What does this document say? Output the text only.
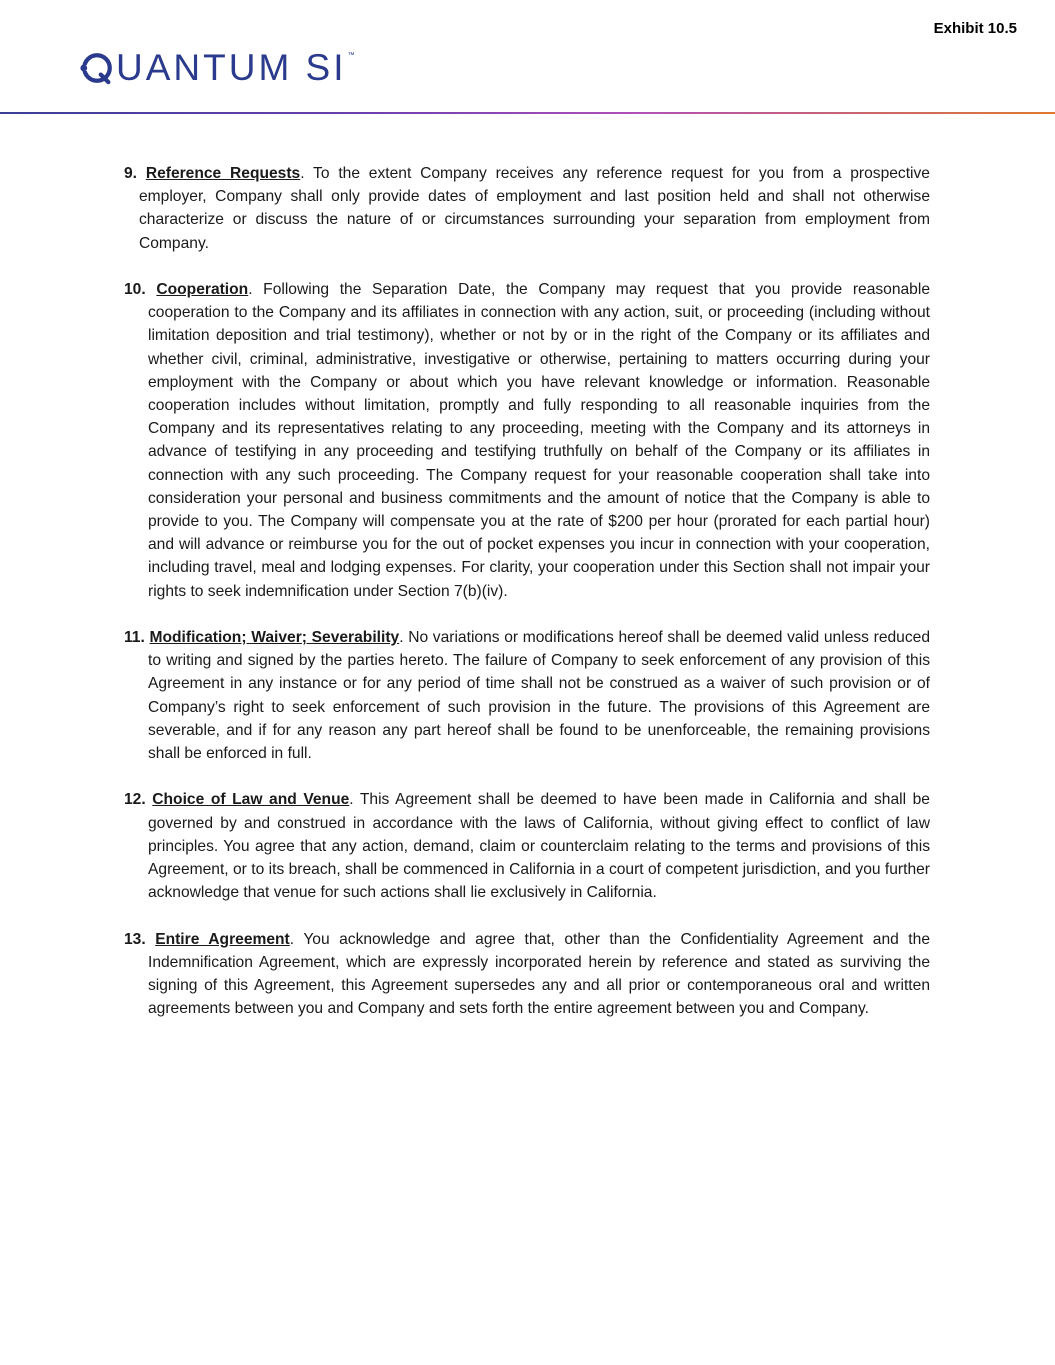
Exhibit 10.5
UANTUM SI ™

9. Reference Requests. To the extent Company receives any reference request for you from a prospective employer, Company shall only provide dates of employment and last position held and shall not otherwise characterize or discuss the nature of or circumstances surrounding your separation from employment from Company.

10. Cooperation. Following the Separation Date, the Company may request that you provide reasonable cooperation to the Company and its affiliates in connection with any action, suit, or proceeding (including without limitation deposition and trial testimony), whether or not by or in the right of the Company or its affiliates and whether civil, criminal, administrative, investigative or otherwise, pertaining to matters occurring during your employment with the Company or about which you have relevant knowledge or information. Reasonable cooperation includes without limitation, promptly and fully responding to all reasonable inquiries from the Company and its representatives relating to any proceeding, meeting with the Company and its attorneys in advance of testifying in any proceeding and testifying truthfully on behalf of the Company or its affiliates in connection with any such proceeding. The Company request for your reasonable cooperation shall take into consideration your personal and business commitments and the amount of notice that the Company is able to provide to you. The Company will compensate you at the rate of $200 per hour (prorated for each partial hour) and will advance or reimburse you for the out of pocket expenses you incur in connection with your cooperation, including travel, meal and lodging expenses. For clarity, your cooperation under this Section shall not impair your rights to seek indemnification under Section 7(b)(iv).

11. Modification; Waiver; Severability. No variations or modifications hereof shall be deemed valid unless reduced to writing and signed by the parties hereto. The failure of Company to seek enforcement of any provision of this Agreement in any instance or for any period of time shall not be construed as a waiver of such provision or of Company’s right to seek enforcement of such provision in the future. The provisions of this Agreement are severable, and if for any reason any part hereof shall be found to be unenforceable, the remaining provisions shall be enforced in full.

12. Choice of Law and Venue. This Agreement shall be deemed to have been made in California and shall be governed by and construed in accordance with the laws of California, without giving effect to conflict of law principles. You agree that any action, demand, claim or counterclaim relating to the terms and provisions of this Agreement, or to its breach, shall be commenced in California in a court of competent jurisdiction, and you further acknowledge that venue for such actions shall lie exclusively in California.

13. Entire Agreement. You acknowledge and agree that, other than the Confidentiality Agreement and the Indemnification Agreement, which are expressly incorporated herein by reference and stated as surviving the signing of this Agreement, this Agreement supersedes any and all prior or contemporaneous oral and written agreements between you and Company and sets forth the entire agreement between you and Company.
